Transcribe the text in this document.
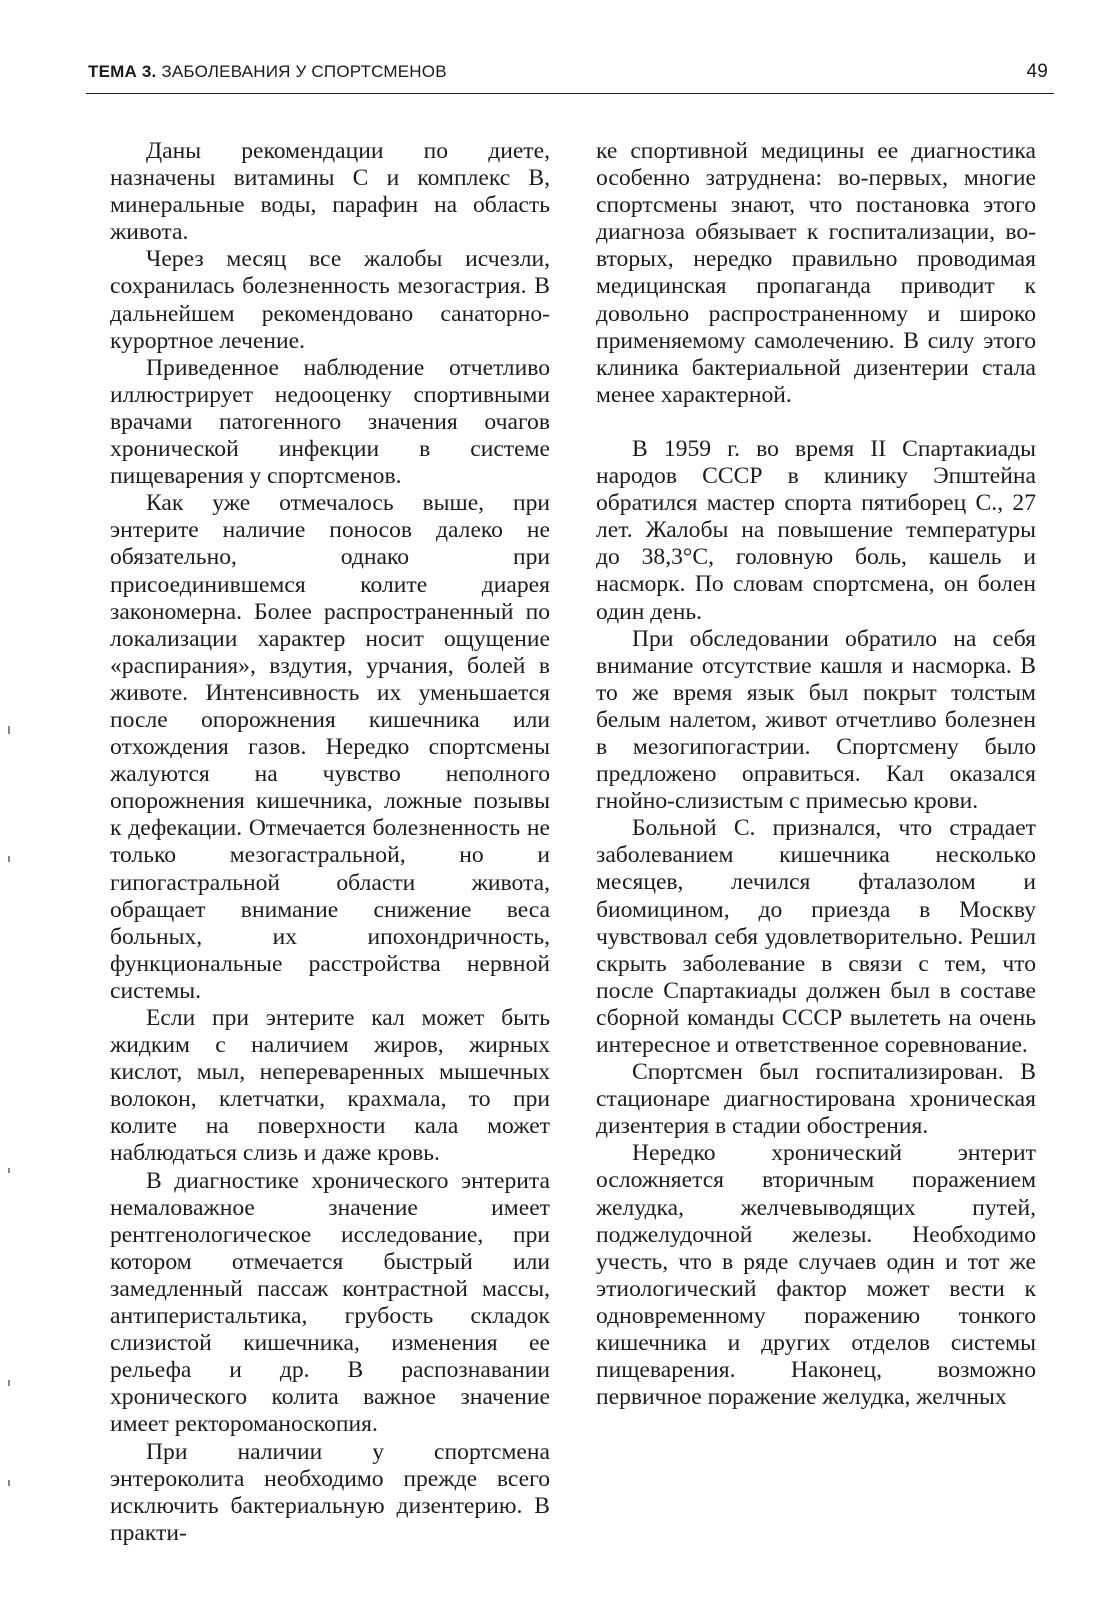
ТЕМА 3. ЗАБОЛЕВАНИЯ У СПОРТСМЕНОВ	49

Даны рекомендации по диете, назначены витамины С и комплекс В, минеральные воды, парафин на область живота.

Через месяц все жалобы исчезли, сохранилась болезненность мезогастрия. В дальнейшем рекомендовано санаторно-курортное лечение.

Приведенное наблюдение отчетливо иллюстрирует недооценку спортивными врачами патогенного значения очагов хронической инфекции в системе пищеварения у спортсменов.

Как уже отмечалось выше, при энтерите наличие поносов далеко не обязательно, однако при присоединившемся колите диарея закономерна. Более распространенный по локализации характер носит ощущение «распирания», вздутия, урчания, болей в животе. Интенсивность их уменьшается после опорожнения кишечника или отхождения газов. Нередко спортсмены жалуются на чувство неполного опорожнения кишечника, ложные позывы к дефекации. Отмечается болезненность не только мезогастральной, но и гипогастральной области живота, обращает внимание снижение веса больных, их ипохондричность, функциональные расстройства нервной системы.

Если при энтерите кал может быть жидким с наличием жиров, жирных кислот, мыл, непереваренных мышечных волокон, клетчатки, крахмала, то при колите на поверхности кала может наблюдаться слизь и даже кровь.

В диагностике хронического энтерита немаловажное значение имеет рентгенологическое исследование, при котором отмечается быстрый или замедленный пассаж контрастной массы, антиперистальтика, грубость складок слизистой кишечника, изменения ее рельефа и др. В распознавании хронического колита важное значение имеет ректороманоскопия.

При наличии у спортсмена энтероколита необходимо прежде всего исключить бактериальную дизентерию. В практи-

ке спортивной медицины ее диагностика особенно затруднена: во-первых, многие спортсмены знают, что постановка этого диагноза обязывает к госпитализации, во-вторых, нередко правильно проводимая медицинская пропаганда приводит к довольно распространенному и широко применяемому самолечению. В силу этого клиника бактериальной дизентерии стала менее характерной.

В 1959 г. во время II Спартакиады народов СССР в клинику Эпштейна обратился мастер спорта пятиборец С., 27 лет. Жалобы на повышение температуры до 38,3°С, головную боль, кашель и насморк. По словам спортсмена, он болен один день.

При обследовании обратило на себя внимание отсутствие кашля и насморка. В то же время язык был покрыт толстым белым налетом, живот отчетливо болезнен в мезогипогастрии. Спортсмену было предложено оправиться. Кал оказался гнойно-слизистым с примесью крови.

Больной С. признался, что страдает заболеванием кишечника несколько месяцев, лечился фталазолом и биомицином, до приезда в Москву чувствовал себя удовлетворительно. Решил скрыть заболевание в связи с тем, что после Спартакиады должен был в составе сборной команды СССР вылететь на очень интересное и ответственное соревнование.

Спортсмен был госпитализирован. В стационаре диагностирована хроническая дизентерия в стадии обострения.

Нередко хронический энтерит осложняется вторичным поражением желудка, желчевыводящих путей, поджелудочной железы. Необходимо учесть, что в ряде случаев один и тот же этиологический фактор может вести к одновременному поражению тонкого кишечника и других отделов системы пищеварения. Наконец, возможно первичное поражение желудка, желчных
